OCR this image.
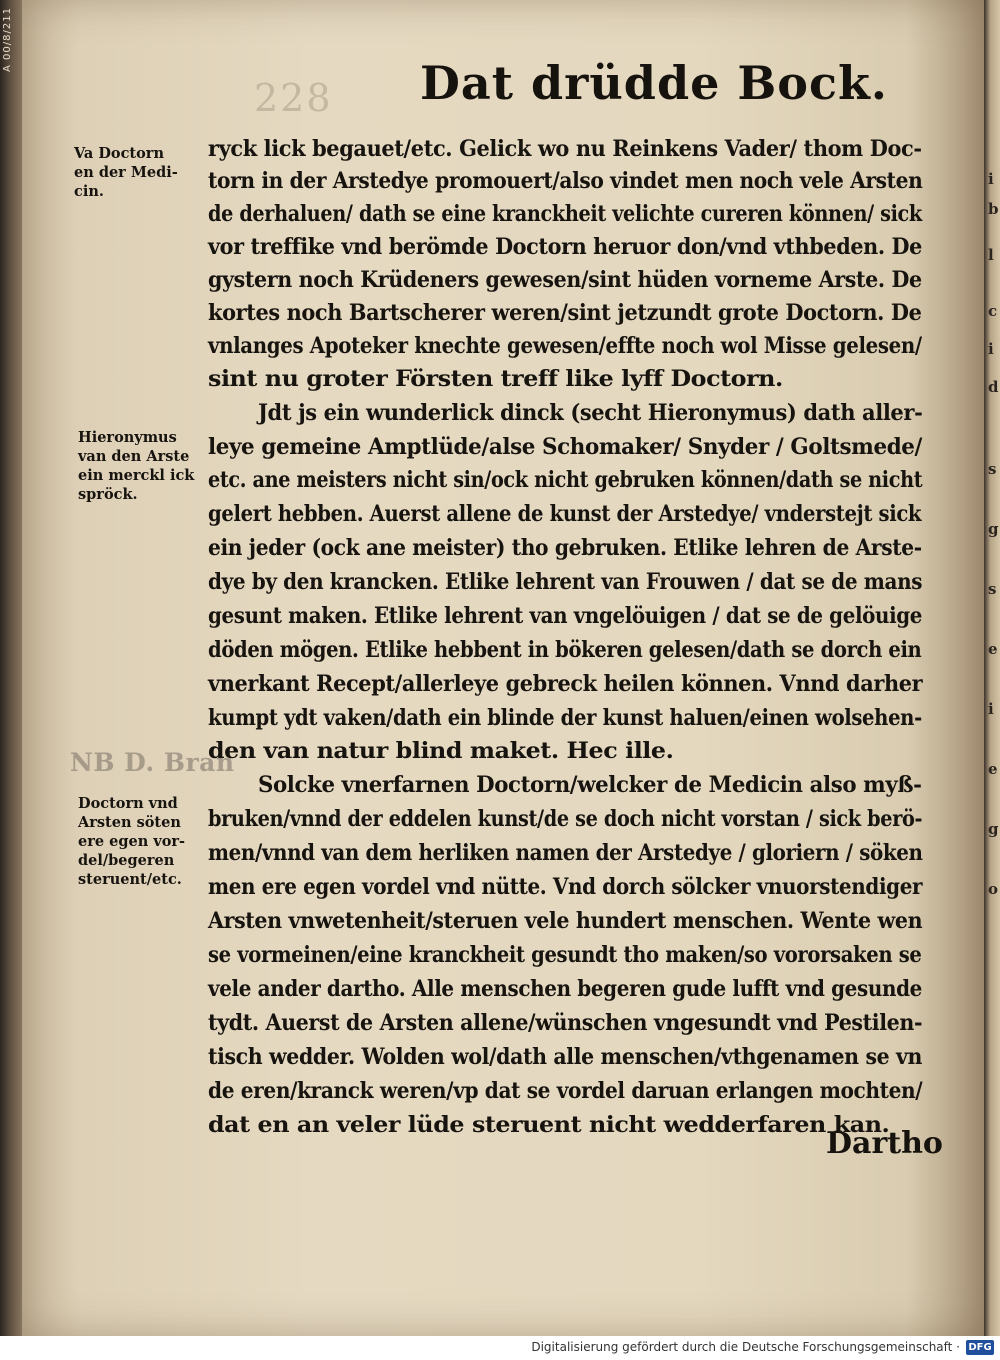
i
b
l
c
i
d
s
g
s
e
i
e
g
o
A 00/8/211
228 Dat drüdde Bock.
ryck lick begauet/etc. Gelick wo nu Reinkens Vader/ thom Doc-
torn in der Arstedye promouert/also vindet men noch vele Arsten
de derhaluen/ dath se eine kranckheit velichte cureren können/ sick
vor treffike vnd berömde Doctorn heruor don/vnd vthbeden. De
gystern noch Krüdeners gewesen/sint hüden vorneme Arste. De
kortes noch Bartscherer weren/sint jetzundt grote Doctorn. De
vnlanges Apoteker knechte gewesen/effte noch wol Misse gelesen/
sint nu groter Försten treff like lyff Doctorn.
Jdt js ein wunderlick dinck (secht Hieronymus) dath aller-
leye gemeine Amptlüde/alse Schomaker/ Snyder / Goltsmede/
etc. ane meisters nicht sin/ock nicht gebruken können/dath se nicht
gelert hebben. Auerst allene de kunst der Arstedye/ vnderstejt sick
ein jeder (ock ane meister) tho gebruken. Etlike lehren de Arste-
dye by den krancken. Etlike lehrent van Frouwen / dat se de mans
gesunt maken. Etlike lehrent van vngelöuigen / dat se de gelöuige
döden mögen. Etlike hebbent in bökeren gelesen/dath se dorch ein
vnerkant Recept/allerleye gebreck heilen können. Vnnd darher
kumpt ydt vaken/dath ein blinde der kunst haluen/einen wolsehen-
den van natur blind maket. Hec ille.
Solcke vnerfarnen Doctorn/welcker de Medicin also myß-
bruken/vnnd der eddelen kunst/de se doch nicht vorstan / sick berö-
men/vnnd van dem herliken namen der Arstedye / gloriern / söken
men ere egen vordel vnd nütte. Vnd dorch sölcker vnuorstendiger
Arsten vnwetenheit/steruen vele hundert menschen. Wente wen
se vormeinen/eine kranckheit gesundt tho maken/so vororsaken se
vele ander dartho. Alle menschen begeren gude lufft vnd gesunde
tydt. Auerst de Arsten allene/wünschen vngesundt vnd Pestilen-
tisch wedder. Wolden wol/dath alle menschen/vthgenamen se vn
de eren/kranck weren/vp dat se vordel daruan erlangen mochten/
dat en an veler lüde steruent nicht wedderfaren kan.
Va Doctorn
en der Medi-
cin.
Hieronymus
van den Arste
ein merckl ick
spröck.
NB D. Bran
Doctorn vnd
Arsten söten
ere egen vor-
del/begeren
steruent/etc.
Dartho
Digitalisierung gefördert durch die Deutsche Forschungsgemeinschaft · DFG
